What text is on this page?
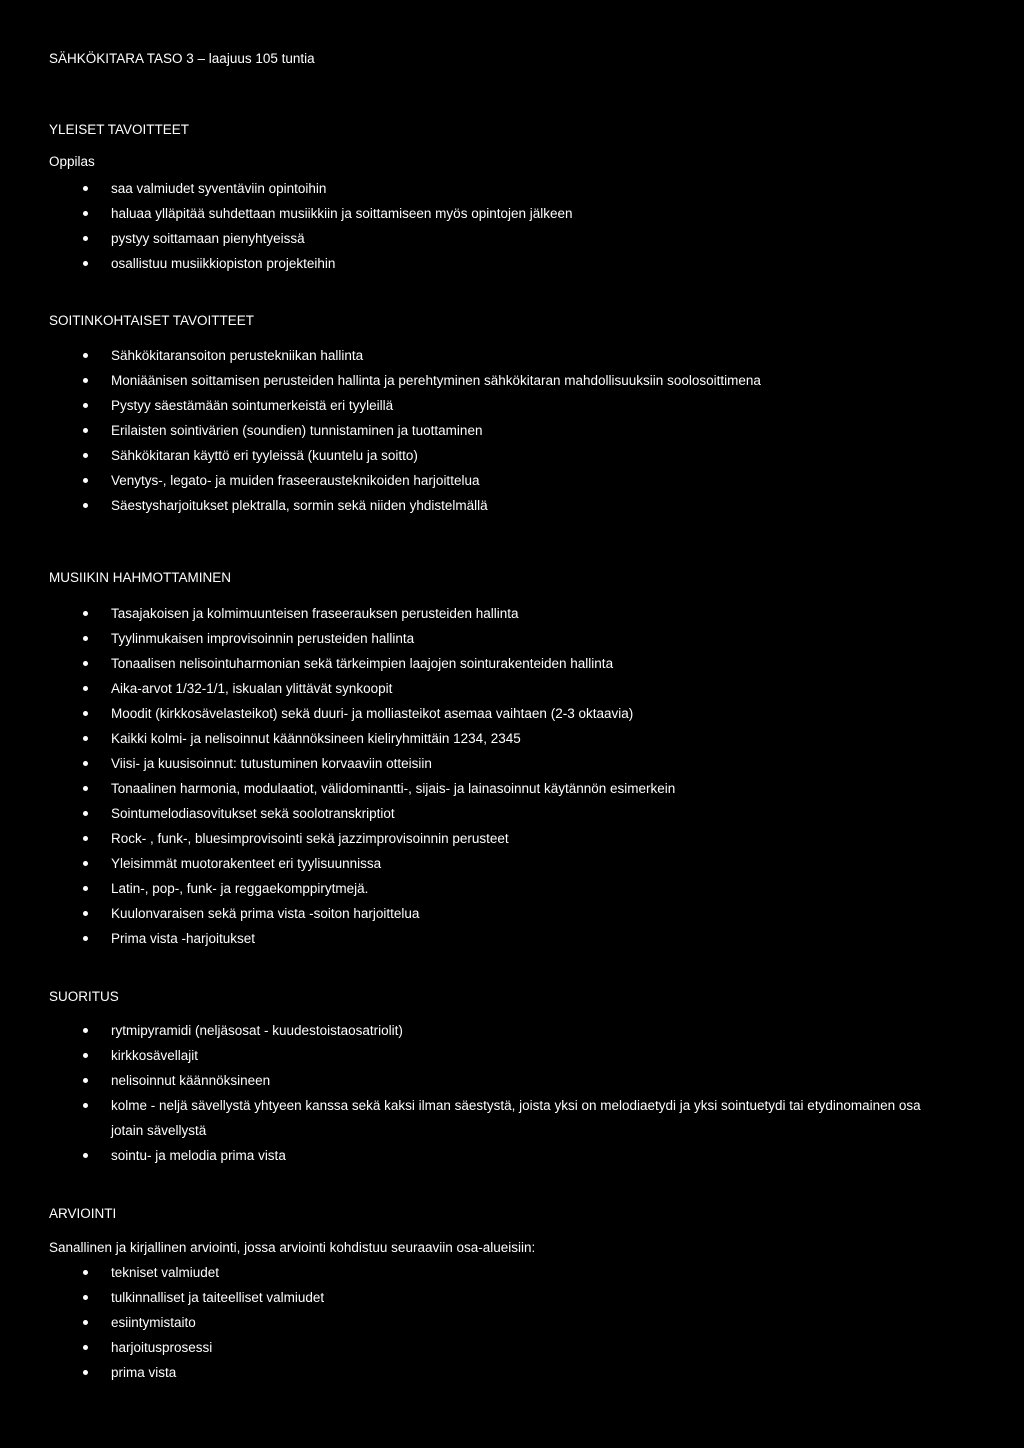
SÄHKÖKITARA TASO 3 – laajuus 105 tuntia
YLEISET TAVOITTEET
Oppilas
saa valmiudet syventäviin opintoihin
haluaa ylläpitää suhdettaan musiikkiin ja soittamiseen myös opintojen jälkeen
pystyy soittamaan pienyhtyeissä
osallistuu musiikkiopiston projekteihin
SOITINKOHTAISET TAVOITTEET
Sähkökitaransoiton perustekniikan hallinta
Moniäänisen soittamisen perusteiden hallinta ja perehtyminen sähkökitaran mahdollisuuksiin soolosoittimena
Pystyy säestämään sointumerkeistä eri tyyleillä
Erilaisten sointivärien (soundien) tunnistaminen ja tuottaminen
Sähkökitaran käyttö eri tyyleissä (kuuntelu ja soitto)
Venytys-, legato- ja muiden fraseerausteknikoiden harjoittelua
Säestysharjoitukset plektralla, sormin sekä niiden yhdistelmällä
MUSIIKIN HAHMOTTAMINEN
Tasajakoisen ja kolmimuunteisen fraseerauksen perusteiden hallinta
Tyylinmukaisen improvisoinnin perusteiden hallinta
Tonaalisen nelisointuharmonian sekä tärkeimpien laajojen sointurakenteiden hallinta
Aika-arvot 1/32-1/1, iskualan ylittävät synkoopit
Moodit (kirkkosävelasteikot) sekä duuri- ja molliasteikot asemaa vaihtaen (2-3 oktaavia)
Kaikki kolmi- ja nelisoinnut käännöksineen kieliryhmittäin 1234, 2345
Viisi- ja kuusisoinnut: tutustuminen korvaaviin otteisiin
Tonaalinen harmonia, modulaatiot, välidominantti-, sijais- ja lainasoinnut käytännön esimerkein
Sointumelodiasovitukset sekä soolotranskriptiot
Rock- , funk-, bluesimprovisointi sekä jazzimprovisoinnin perusteet
Yleisimmät muotorakenteet eri tyylisuunnissa
Latin-, pop-, funk- ja reggaekomppirytmejä.
Kuulonvaraisen sekä prima vista -soiton harjoittelua
Prima vista -harjoitukset
SUORITUS
rytmipyramidi (neljäsosat - kuudestoistaosatriolit)
kirkkosävellajit
nelisoinnut käännöksineen
kolme - neljä sävellystä yhtyeen kanssa sekä kaksi ilman säestystä, joista yksi on melodiaetydi ja yksi sointuetydi tai etydinomainen osa jotain sävellystä
sointu- ja melodia prima vista
ARVIOINTI
Sanallinen ja kirjallinen arviointi, jossa arviointi kohdistuu seuraaviin osa-alueisiin:
tekniset valmiudet
tulkinnalliset ja taiteelliset valmiudet
esiintymistaito
harjoitusprosessi
prima vista
